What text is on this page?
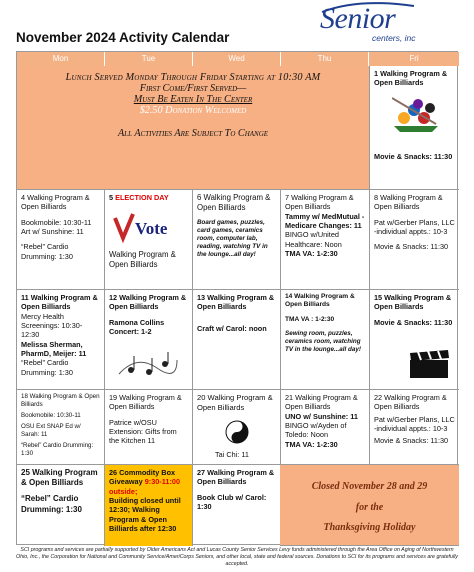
November 2024 Activity Calendar
Senior
centers, inc
Mon	Tue	Wed	Thu	Fri
Lunch Served Monday Through Friday Starting at 10:30 AM
First Come/First Served—
Must Be Eaten In The Center
$2.50 Donation Welcomed
All Activities Are Subject To Change

1 Walking Program & Open Billiards

Movie & Snacks: 11:30

4 Walking Program & Open Billiards

Bookmobile: 10:30-11

Art w/ Sunshine: 11

“Rebel” Cardio Drumming: 1:30

5 ELECTION DAY

Vote

Walking Program & Open Billiards

6 Walking Program & Open Billiards

Board games, puzzles, card games, ceramics room, computer lab, reading, watching TV in the lounge...all day!

7 Walking Program & Open Billiards

Tammy w/ MedMutual - Medicare Changes: 11

BINGO w/United Healthcare: Noon

TMA VA: 1-2:30

8 Walking Program & Open Billiards

Pat w/Gerber Plans, LLC -individual appts.: 10-3

Movie & Snacks: 11:30

11 Walking Program & Open Billiards

Mercy Health Screenings: 10:30-12:30

Melissa Sherman, PharmD, Meijer: 11

“Rebel” Cardio Drumming: 1:30

12 Walking Program & Open Billiards

Ramona Collins Concert: 1-2

13 Walking Program & Open Billiards

Craft w/ Carol: noon

14 Walking Program & Open Billiards

TMA VA : 1-2:30

Sewing room, puzzles, ceramics room, watching TV in the lounge...all day!

15 Walking Program & Open Billiards

Movie & Snacks: 11:30

18 Walking Program & Open Billiards

Bookmobile: 10:30-11

OSU Ext SNAP Ed w/ Sarah: 11

“Rebel” Cardio Drumming: 1:30

19 Walking Program & Open Billiards

Patrice w/OSU Extension: Gifts from the Kitchen 11

20 Walking Program & Open Billiards

Tai Chi: 11

21 Walking Program & Open Billiards

UNO w/ Sunshine: 11

BINGO w/Ayden of Toledo: Noon

TMA VA: 1-2:30

22 Walking Program & Open Billiards

Pat w/Gerber Plans, LLC -individual appts.: 10-3

Movie & Snacks: 11:30

25 Walking Program & Open Billiards

“Rebel” Cardio Drumming: 1:30

26 Commodity Box Giveaway 9:30-11:00 outside;

Building closed until 12:30; Walking Program & Open Billiards after 12:30

27 Walking Program & Open Billiards

Book Club w/ Carol: 1:30

Closed November 28 and 29
for the
Thanksgiving Holiday
SCI programs and services are partially supported by Older Americans Act and Lucas County Senior Services Levy funds administered through the Area Office on Aging of Northwestern Ohio, Inc., the Corporation for National and Community Service/AmeriCorps Seniors, and other local, state and federal sources. Donations to SCI for its programs and services are gratefully accepted.
